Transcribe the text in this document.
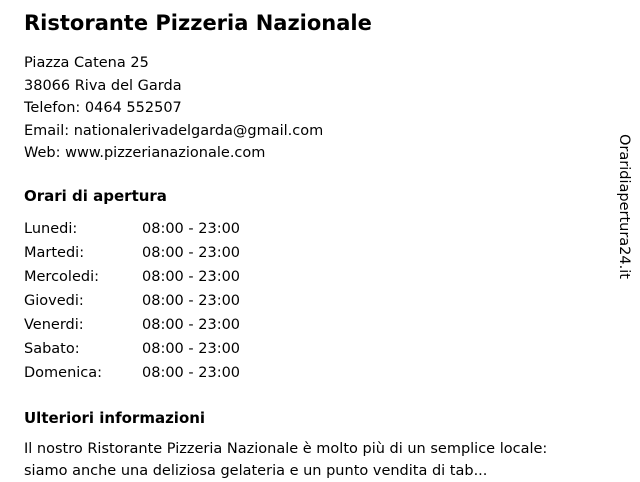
Ristorante Pizzeria Nazionale
Piazza Catena 25
38066 Riva del Garda
Telefon: 0464 552507
Email: nationalerivadelgarda@gmail.com
Web: www.pizzerianazionale.com
Orari di apertura
Lunedi:	08:00 - 23:00
Martedi:	08:00 - 23:00
Mercoledi:	08:00 - 23:00
Giovedi:	08:00 - 23:00
Venerdi:	08:00 - 23:00
Sabato:	08:00 - 23:00
Domenica:	08:00 - 23:00
Ulteriori informazioni

Il nostro Ristorante Pizzeria Nazionale è molto più di un semplice locale: siamo anche una deliziosa gelateria e un punto vendita di tab...

Oraridiapertura24.it
